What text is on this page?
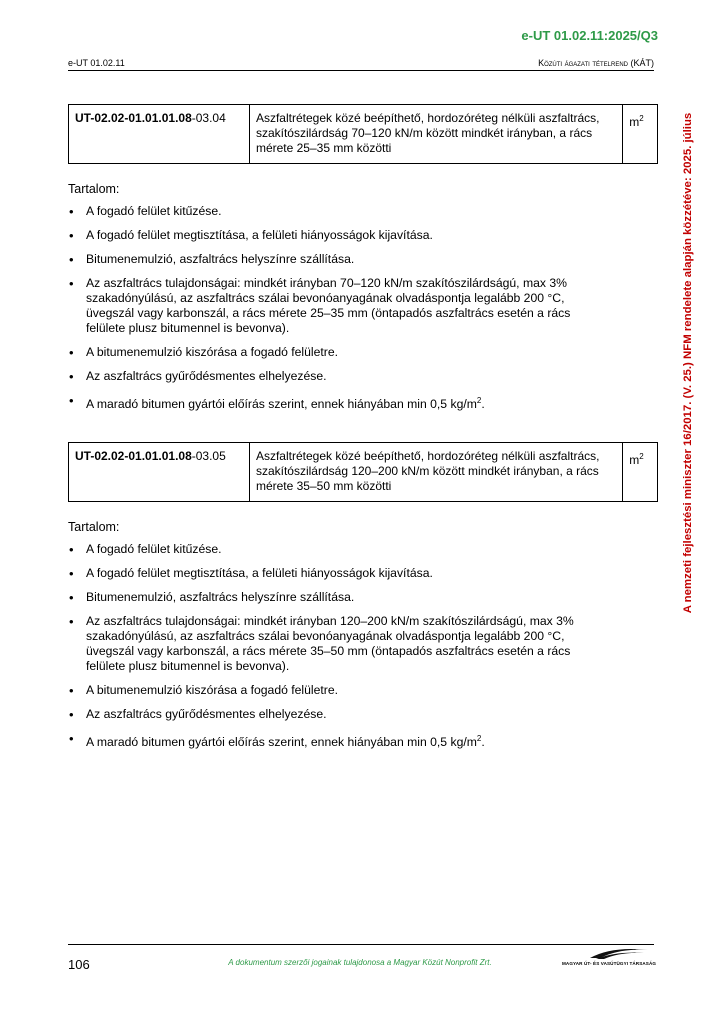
e-UT 01.02.11:2025/Q3
e-UT 01.02.11	Közúti ágazati tételrend (KÁT)
A nemzeti fejlesztési miniszter 16/2017. (V. 25.) NFM rendelete alapján közzétéve: 2025. július
UT-02.02-01.01.01.08-03.04	Aszfaltrétegek közé beépíthető, hordozóréteg nélküli aszfaltrács, szakítószilárdság 70–120 kN/m között mindkét irányban, a rács mérete 25–35 mm közötti	$m^2$
Tartalom:
• A fogadó felület kitűzése.
• A fogadó felület megtisztítása, a felületi hiányosságok kijavítása.
• Bitumenemulzió, aszfaltrács helyszínre szállítása.
• Az aszfaltrács tulajdonságai: mindkét irányban 70–120 kN/m szakítószilárdságú, max 3% szakadónyúlású, az aszfaltrács szálai bevonóanyagának olvadáspontja legalább 200 °C, üvegszál vagy karbonszál, a rács mérete 25–35 mm (öntapadós aszfaltrács esetén a rács felülete plusz bitumennel is bevonva).
• A bitumenemulzió kiszórása a fogadó felületre.
• Az aszfaltrács gyűrődésmentes elhelyezése.
• A maradó bitumen gyártói előírás szerint, ennek hiányában min 0,5 $kg/m^2$.
UT-02.02-01.01.01.08-03.05	Aszfaltrétegek közé beépíthető, hordozóréteg nélküli aszfaltrács, szakítószilárdság 120–200 kN/m között mindkét irányban, a rács mérete 35–50 mm közötti	$m^2$
Tartalom:
• A fogadó felület kitűzése.
• A fogadó felület megtisztítása, a felületi hiányosságok kijavítása.
• Bitumenemulzió, aszfaltrács helyszínre szállítása.
• Az aszfaltrács tulajdonságai: mindkét irányban 120–200 kN/m szakítószilárdságú, max 3% szakadónyúlású, az aszfaltrács szálai bevonóanyagának olvadáspontja legalább 200 °C, üvegszál vagy karbonszál, a rács mérete 35–50 mm (öntapadós aszfaltrács esetén a rács felülete plusz bitumennel is bevonva).
• A bitumenemulzió kiszórása a fogadó felületre.
• Az aszfaltrács gyűrődésmentes elhelyezése.
• A maradó bitumen gyártói előírás szerint, ennek hiányában min 0,5 $kg/m^2$.
106	A dokumentum szerzői jogainak tulajdonosa a Magyar Közút Nonprofit Zrt.	MAGYAR ÚT- ÉS VASÚTÜGYI TÁRSASÁG
